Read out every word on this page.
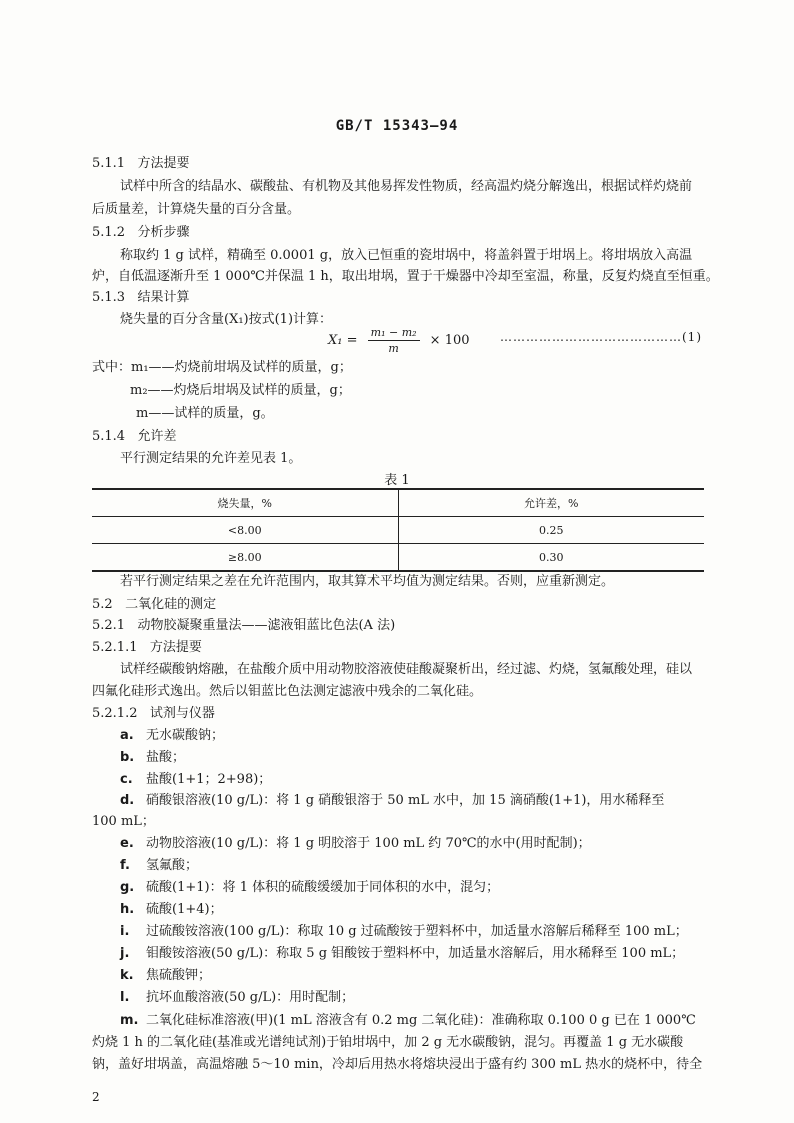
GB/T 15343—94
5.1.1 方法提要
试样中所含的结晶水、碳酸盐、有机物及其他易挥发性物质，经高温灼烧分解逸出，根据试样灼烧前
后质量差，计算烧失量的百分含量。
5.1.2 分析步骤
称取约 1 g 试样，精确至 0.0001 g，放入已恒重的瓷坩埚中，将盖斜置于坩埚上。将坩埚放入高温
炉，自低温逐渐升至 1 000℃并保温 1 h，取出坩埚，置于干燥器中冷却至室温，称量，反复灼烧直至恒重。
5.1.3 结果计算
烧失量的百分含量(X₁)按式(1)计算：
$X_1 = \frac{\text{m₁ − m₂}}{m} \times 100$	……………………………………(1)
式中：m₁——灼烧前坩埚及试样的质量，g；
m₂——灼烧后坩埚及试样的质量，g；
m——试样的质量，g。
5.1.4 允许差
平行测定结果的允许差见表 1。
表 1
烧失量，%	允许差，%
<8.00	0.25
≥8.00	0.30
若平行测定结果之差在允许范围内，取其算术平均值为测定结果。否则，应重新测定。
5.2 二氧化硅的测定
5.2.1 动物胶凝聚重量法——滤液钼蓝比色法(A 法)
5.2.1.1 方法提要
试样经碳酸钠熔融，在盐酸介质中用动物胶溶液使硅酸凝聚析出，经过滤、灼烧，氢氟酸处理，硅以
四氟化硅形式逸出。然后以钼蓝比色法测定滤液中残余的二氧化硅。
5.2.1.2 试剂与仪器
a. 无水碳酸钠；
b. 盐酸；
c. 盐酸(1+1；2+98)；
d. 硝酸银溶液(10 g/L)：将 1 g 硝酸银溶于 50 mL 水中，加 15 滴硝酸(1+1)，用水稀释至
100 mL；
e. 动物胶溶液(10 g/L)：将 1 g 明胶溶于 100 mL 约 70℃的水中(用时配制)；
f. 氢氟酸；
g. 硫酸(1+1)：将 1 体积的硫酸缓缓加于同体积的水中，混匀；
h. 硫酸(1+4)；
i. 过硫酸铵溶液(100 g/L)：称取 10 g 过硫酸铵于塑料杯中，加适量水溶解后稀释至 100 mL；
j. 钼酸铵溶液(50 g/L)：称取 5 g 钼酸铵于塑料杯中，加适量水溶解后，用水稀释至 100 mL；
k. 焦硫酸钾；
l. 抗坏血酸溶液(50 g/L)：用时配制；
m. 二氧化硅标准溶液(甲)(1 mL 溶液含有 0.2 mg 二氧化硅)：准确称取 0.100 0 g 已在 1 000℃
灼烧 1 h 的二氧化硅(基准或光谱纯试剂)于铂坩埚中，加 2 g 无水碳酸钠，混匀。再覆盖 1 g 无水碳酸
钠，盖好坩埚盖，高温熔融 5～10 min，冷却后用热水将熔块浸出于盛有约 300 mL 热水的烧杯中，待全
2
